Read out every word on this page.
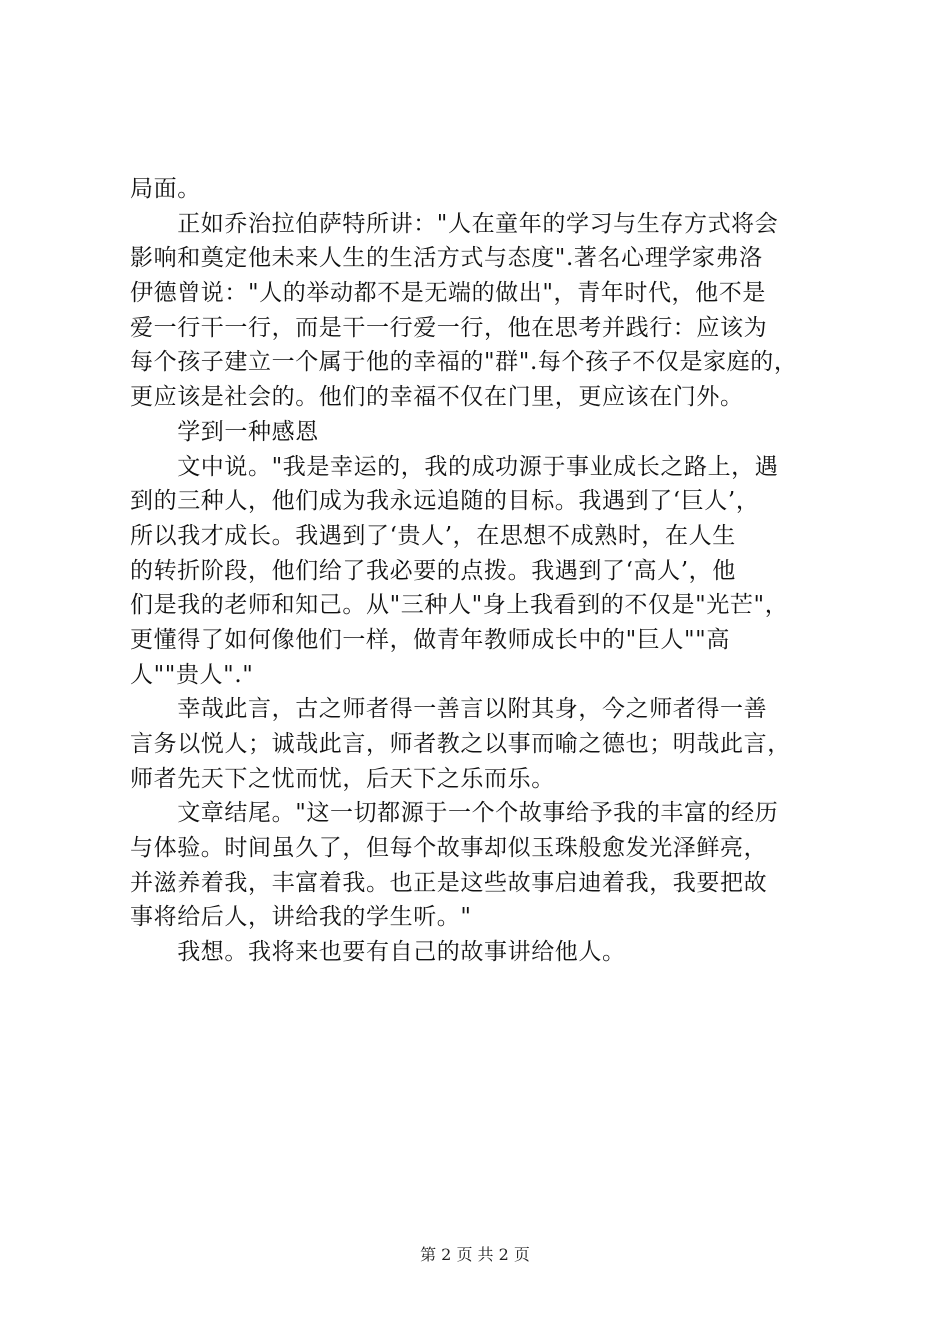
局面。
　　正如乔治拉伯萨特所讲："人在童年的学习与生存方式将会
影响和奠定他未来人生的生活方式与态度".著名心理学家弗洛
伊德曾说："人的举动都不是无端的做出"，青年时代，他不是
爱一行干一行，而是干一行爱一行，他在思考并践行：应该为
每个孩子建立一个属于他的幸福的"群".每个孩子不仅是家庭的，
更应该是社会的。他们的幸福不仅在门里，更应该在门外。
　　学到一种感恩
　　文中说。"我是幸运的，我的成功源于事业成长之路上，遇
到的三种人，他们成为我永远追随的目标。我遇到了‘巨人’，
所以我才成长。我遇到了‘贵人’，在思想不成熟时，在人生
的转折阶段，他们给了我必要的点拨。我遇到了‘高人’，他
们是我的老师和知己。从"三种人"身上我看到的不仅是"光芒"，
更懂得了如何像他们一样，做青年教师成长中的"巨人""高
人""贵人"."
　　幸哉此言，古之师者得一善言以附其身，今之师者得一善
言务以悦人；诚哉此言，师者教之以事而喻之德也；明哉此言，
师者先天下之忧而忧，后天下之乐而乐。
　　文章结尾。"这一切都源于一个个故事给予我的丰富的经历
与体验。时间虽久了，但每个故事却似玉珠般愈发光泽鲜亮，
并滋养着我，丰富着我。也正是这些故事启迪着我，我要把故
事将给后人，讲给我的学生听。"
　　我想。我将来也要有自己的故事讲给他人。
第 2 页 共 2 页
